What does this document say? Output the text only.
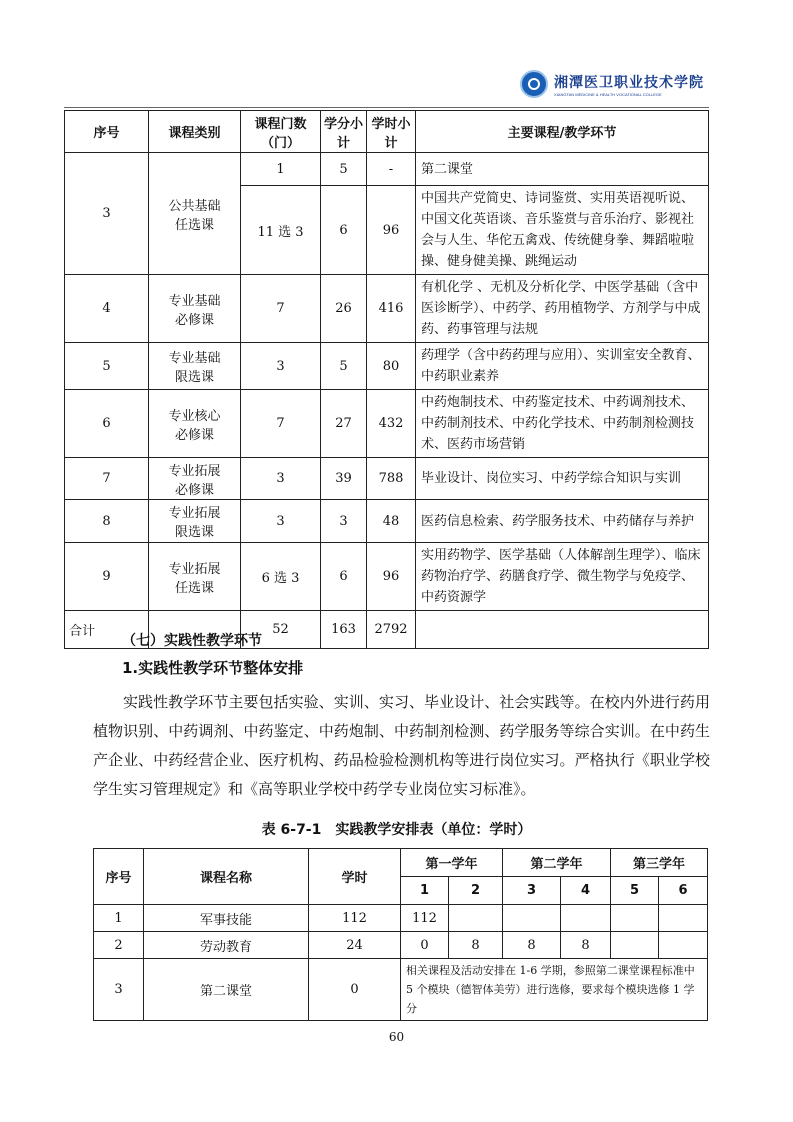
湘潭医卫职业技术学院
XIANGTAN MEDICINE & HEALTH VOCATIONAL COLLEGE
序号	课程类别	课程门数（门）	学分小计	学时小计	主要课程/教学环节
3	公共基础任选课	1	5	-	第二课堂
		11 选 3	6	96	中国共产党简史、诗词鉴赏、实用英语视听说、中国文化英语谈、音乐鉴赏与音乐治疗、影视社会与人生、华佗五禽戏、传统健身拳、舞蹈啦啦操、健身健美操、跳绳运动
4	专业基础必修课	7	26	416	有机化学 、无机及分析化学、中医学基础（含中医诊断学）、中药学、药用植物学、方剂学与中成药、药事管理与法规
5	专业基础限选课	3	5	80	药理学（含中药药理与应用）、实训室安全教育、中药职业素养
6	专业核心必修课	7	27	432	中药炮制技术、中药鉴定技术、中药调剂技术、中药制剂技术、中药化学技术、中药制剂检测技术、医药市场营销
7	专业拓展必修课	3	39	788	毕业设计、岗位实习、中药学综合知识与实训
8	专业拓展限选课	3	3	48	医药信息检索、药学服务技术、中药储存与养护
9	专业拓展任选课	6 选 3	6	96	实用药物学、医学基础（人体解剖生理学）、临床药物治疗学、药膳食疗学、微生物学与免疫学、中药资源学
合计		52	163	2792	
（七）实践性教学环节
1.实践性教学环节整体安排
实践性教学环节主要包括实验、实训、实习、毕业设计、社会实践等。在校内外进行药用植物识别、中药调剂、中药鉴定、中药炮制、中药制剂检测、药学服务等综合实训。在中药生产企业、中药经营企业、医疗机构、药品检验检测机构等进行岗位实习。严格执行《职业学校学生实习管理规定》和《高等职业学校中药学专业岗位实习标准》。
表 6-7-1　实践教学安排表（单位：学时）
序号	课程名称	学时	第一学年		第二学年		第三学年	
			1	2	3	4	5	6
1	军事技能	112	112					
2	劳动教育	24	0	8	8	8		
3	第二课堂	0	相关课程及活动安排在 1-6 学期，参照第二课堂课程标准中 5 个模块（德智体美劳）进行选修，要求每个模块选修 1 学分					
60
